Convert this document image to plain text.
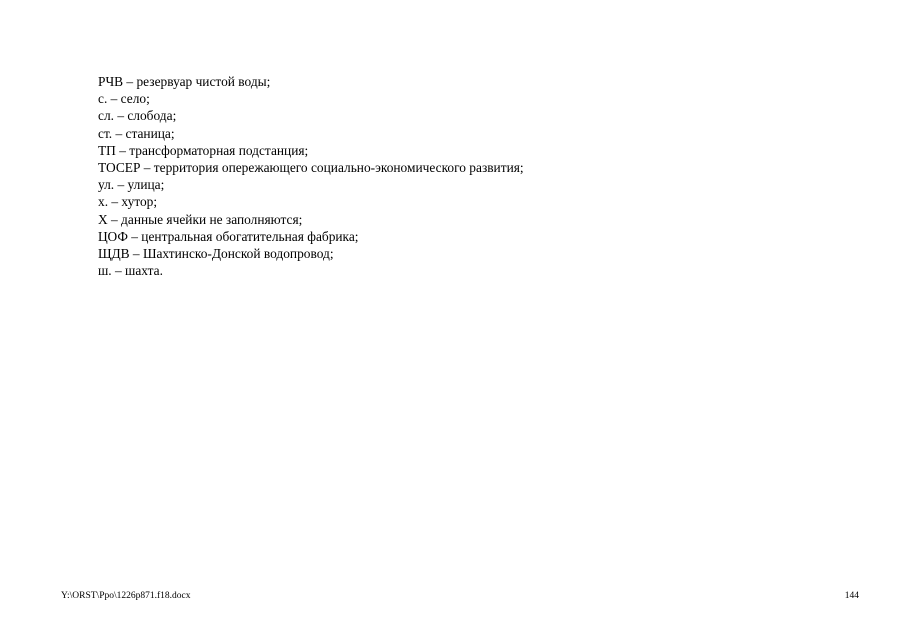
РЧВ – резервуар чистой воды;
с. – село;
сл. – слобода;
ст. – станица;
ТП – трансформаторная подстанция;
ТОСЕР – территория опережающего социально-экономического развития;
ул. – улица;
х. – хутор;
Х – данные ячейки не заполняются;
ЦОФ – центральная обогатительная фабрика;
ЩДВ – Шахтинско-Донской водопровод;
ш. – шахта.
Y:\ORST\Ppo\1226p871.f18.docx	144
